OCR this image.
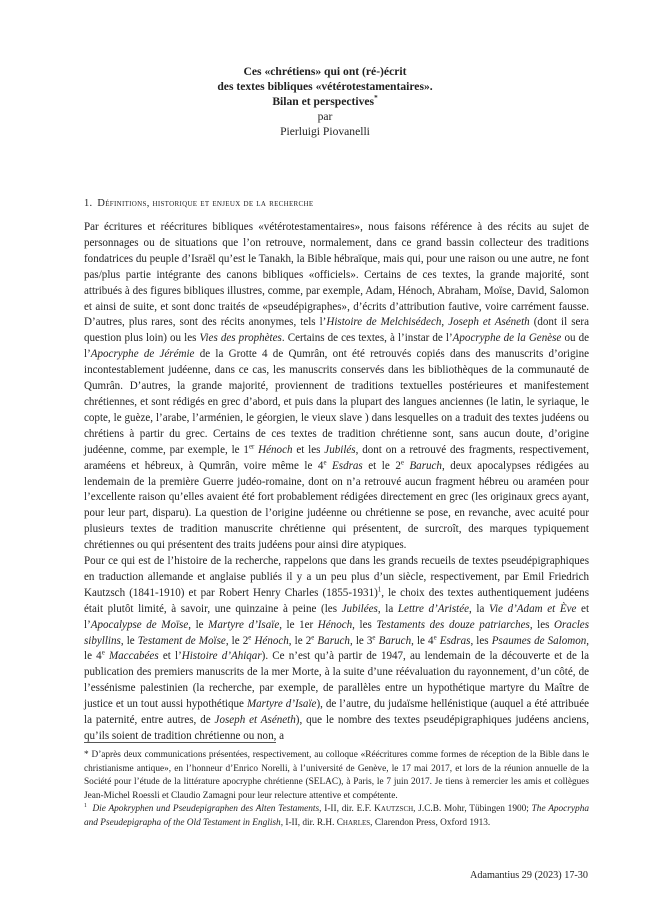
Ces «chrétiens» qui ont (ré-)écrit
des textes bibliques «vétérotestamentaires».
Bilan et perspectives*
par
Pierluigi Piovanelli
1. Définitions, historique et enjeux de la recherche

Par écritures et réécritures bibliques «vétérotestamentaires», nous faisons référence à des récits au sujet de personnages ou de situations que l’on retrouve, normalement, dans ce grand bassin collecteur des traditions fondatrices du peuple d’Israël qu’est le Tanakh, la Bible hébraïque, mais qui, pour une raison ou une autre, ne font pas/plus partie intégrante des canons bibliques «officiels». Certains de ces textes, la grande majorité, sont attribués à des figures bibliques illustres, comme, par exemple, Adam, Hénoch, Abraham, Moïse, David, Salomon et ainsi de suite, et sont donc traités de «pseudépigraphes», d’écrits d’attribution fautive, voire carrément fausse. D’autres, plus rares, sont des récits anonymes, tels l’Histoire de Melchisédech, Joseph et Aséneth (dont il sera question plus loin) ou les Vies des prophètes. Certains de ces textes, à l’instar de l’Apocryphe de la Genèse ou de l’Apocryphe de Jérémie de la Grotte 4 de Qumrân, ont été retrouvés copiés dans des manuscrits d’origine incontestablement judéenne, dans ce cas, les manuscrits conservés dans les bibliothèques de la communauté de Qumrân. D’autres, la grande majorité, proviennent de traditions textuelles postérieures et manifestement chrétiennes, et sont rédigés en grec d’abord, et puis dans la plupart des langues anciennes (le latin, le syriaque, le copte, le guèze, l’arabe, l’arménien, le géorgien, le vieux slave ) dans lesquelles on a traduit des textes judéens ou chrétiens à partir du grec. Certains de ces textes de tradition chrétienne sont, sans aucun doute, d’origine judéenne, comme, par exemple, le 1er Hénoch et les Jubilés, dont on a retrouvé des fragments, respectivement, araméens et hébreux, à Qumrân, voire même le 4e Esdras et le 2e Baruch, deux apocalypses rédigées au lendemain de la première Guerre judéo-romaine, dont on n’a retrouvé aucun fragment hébreu ou araméen pour l’excellente raison qu’elles avaient été fort probablement rédigées directement en grec (les originaux grecs ayant, pour leur part, disparu). La question de l’origine judéenne ou chrétienne se pose, en revanche, avec acuité pour plusieurs textes de tradition manuscrite chrétienne qui présentent, de surcroît, des marques typiquement chrétiennes ou qui présentent des traits judéens pour ainsi dire atypiques.

Pour ce qui est de l’histoire de la recherche, rappelons que dans les grands recueils de textes pseudépigraphiques en traduction allemande et anglaise publiés il y a un peu plus d’un siècle, respectivement, par Emil Friedrich Kautzsch (1841-1910) et par Robert Henry Charles (1855-1931)$^1$, le choix des textes authentiquement judéens était plutôt limité, à savoir, une quinzaine à peine (les Jubilées, la Lettre d’Aristée, la Vie d’Adam et Ève et l’Apocalypse de Moïse, le Martyre d’Isaïe, le 1er Hénoch, les Testaments des douze patriarches, les Oracles sibyllins, le Testament de Moïse, le 2e Hénoch, le 2e Baruch, le 3e Baruch, le 4e Esdras, les Psaumes de Salomon, le 4e Maccabées et l’Histoire d’Ahiqar). Ce n’est qu’à partir de 1947, au lendemain de la découverte et de la publication des premiers manuscrits de la mer Morte, à la suite d’une réévaluation du rayonnement, d’un côté, de l’essénisme palestinien (la recherche, par exemple, de parallèles entre un hypothétique martyre du Maître de justice et un tout aussi hypothétique Martyre d’Isaïe), de l’autre, du judaïsme hellénistique (auquel a été attribuée la paternité, entre autres, de Joseph et Aséneth), que le nombre des textes pseudépigraphiques judéens anciens, qu’ils soient de tradition chrétienne ou non, a

* D’après deux communications présentées, respectivement, au colloque «Réécritures comme formes de réception de la Bible dans le christianisme antique», en l’honneur d’Enrico Norelli, à l’université de Genève, le 17 mai 2017, et lors de la réunion annuelle de la Société pour l’étude de la littérature apocryphe chrétienne (SELAC), à Paris, le 7 juin 2017. Je tiens à remercier les amis et collègues Jean-Michel Roessli et Claudio Zamagni pour leur relecture attentive et compétente.

$^1$ Die Apokryphen und Pseudepigraphen des Alten Testaments, I-II, dir. E.F. Kautzsch, J.C.B. Mohr, Tübingen 1900; The Apocrypha and Pseudepigrapha of the Old Testament in English, I-II, dir. R.H. Charles, Clarendon Press, Oxford 1913.

Adamantius 29 (2023) 17-30
